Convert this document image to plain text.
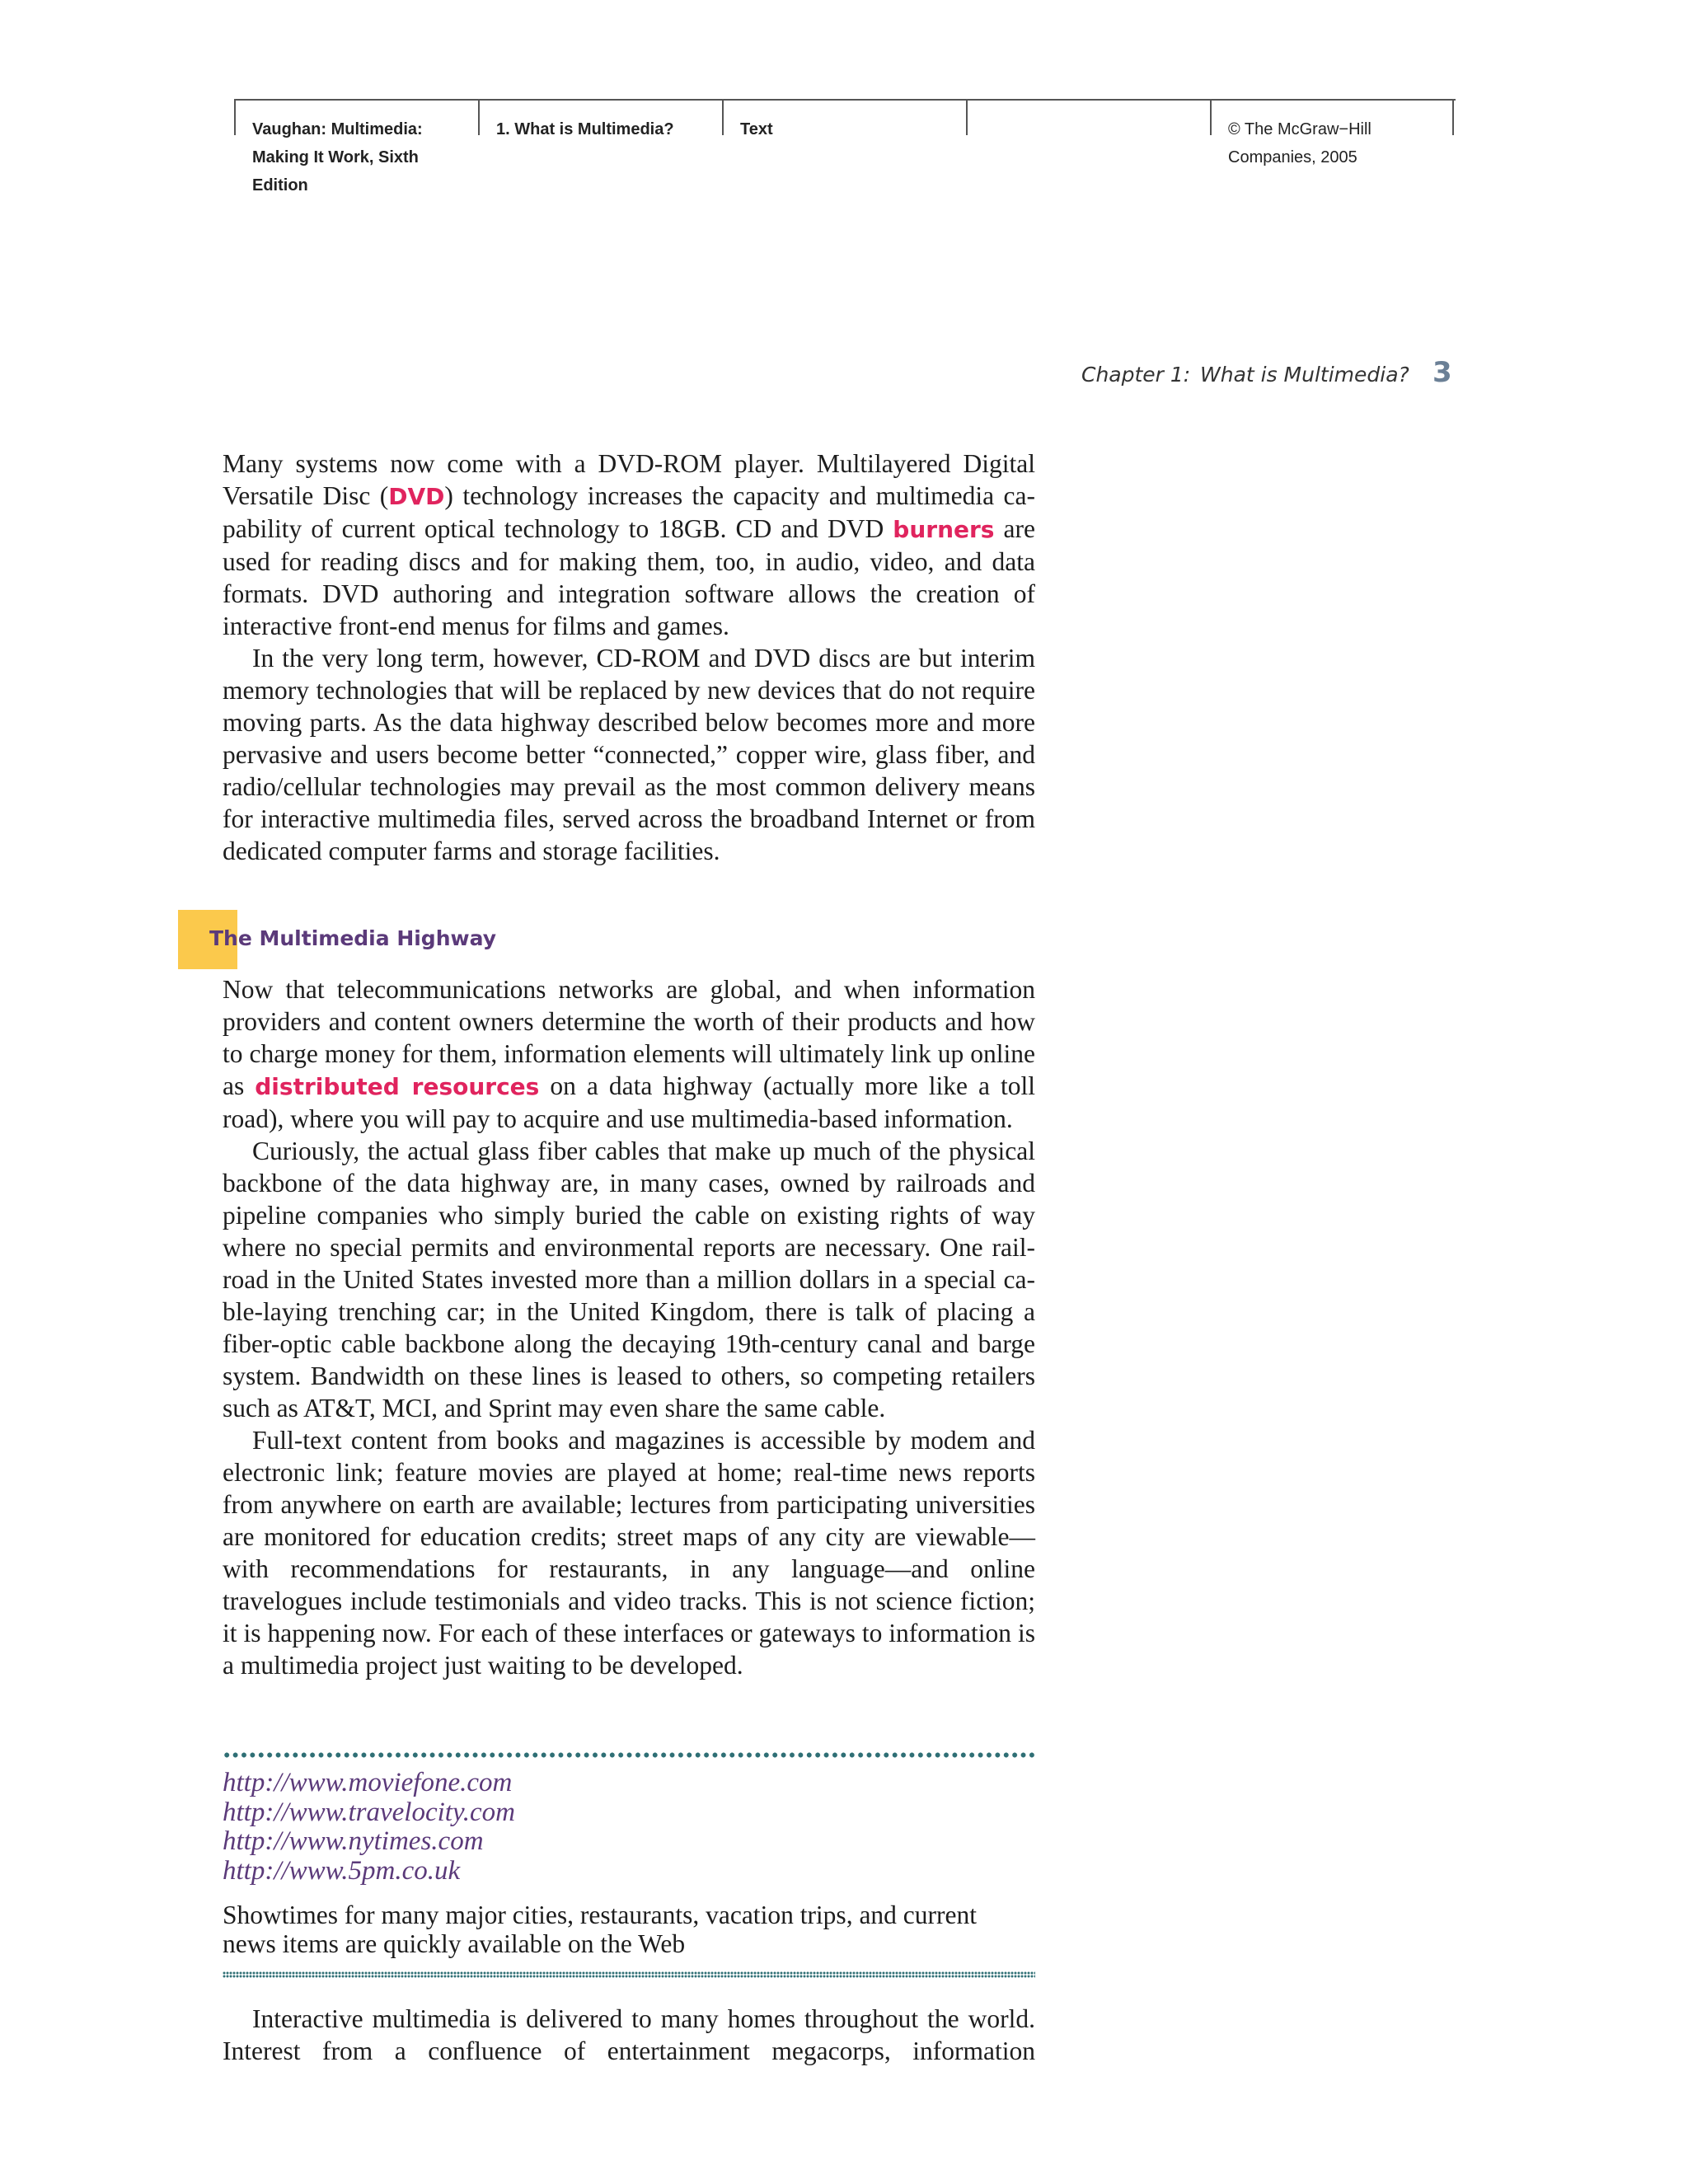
Vaughan: Multimedia:
Making It Work, Sixth
Edition
1. What is Multimedia?	Text	© The McGraw−Hill
Companies, 2005
Chapter 1: What is Multimedia? 3

Many systems now come with a DVD-ROM player. Multilayered Digital Versatile Disc (DVD) technology increases the capacity and multimedia capability of current optical technology to 18GB. CD and DVD burners are used for reading discs and for making them, too, in audio, video, and data formats. DVD authoring and integration software allows the creation of interactive front-end menus for films and games.

In the very long term, however, CD-ROM and DVD discs are but interim memory technologies that will be replaced by new devices that do not require moving parts. As the data highway described below becomes more and more pervasive and users become better “connected,” copper wire, glass fiber, and radio/cellular technologies may prevail as the most common delivery means for interactive multimedia files, served across the broadband Internet or from dedicated computer farms and storage facilities.

The Multimedia Highway

Now that telecommunications networks are global, and when information providers and content owners determine the worth of their products and how to charge money for them, information elements will ultimately link up online as distributed resources on a data highway (actually more like a toll road), where you will pay to acquire and use multimedia-based information.

Curiously, the actual glass fiber cables that make up much of the physical backbone of the data highway are, in many cases, owned by railroads and pipeline companies who simply buried the cable on existing rights of way where no special permits and environmental reports are necessary. One railroad in the United States invested more than a million dollars in a special cable-laying trenching car; in the United Kingdom, there is talk of placing a fiber-optic cable backbone along the decaying 19th-century canal and barge system. Bandwidth on these lines is leased to others, so competing retailers such as AT&T, MCI, and Sprint may even share the same cable.

Full-text content from books and magazines is accessible by modem and electronic link; feature movies are played at home; real-time news reports from anywhere on earth are available; lectures from participating universities are monitored for education credits; street maps of any city are viewable—with recommendations for restaurants, in any language—and online travelogues include testimonials and video tracks. This is not science fiction; it is happening now. For each of these interfaces or gateways to information is a multimedia project just waiting to be developed.

http://www.moviefone.com
http://www.travelocity.com
http://www.nytimes.com
http://www.5pm.co.uk
Showtimes for many major cities, restaurants, vacation trips, and current news items are quickly available on the Web

Interactive multimedia is delivered to many homes throughout the world. Interest from a confluence of entertainment megacorps, information
